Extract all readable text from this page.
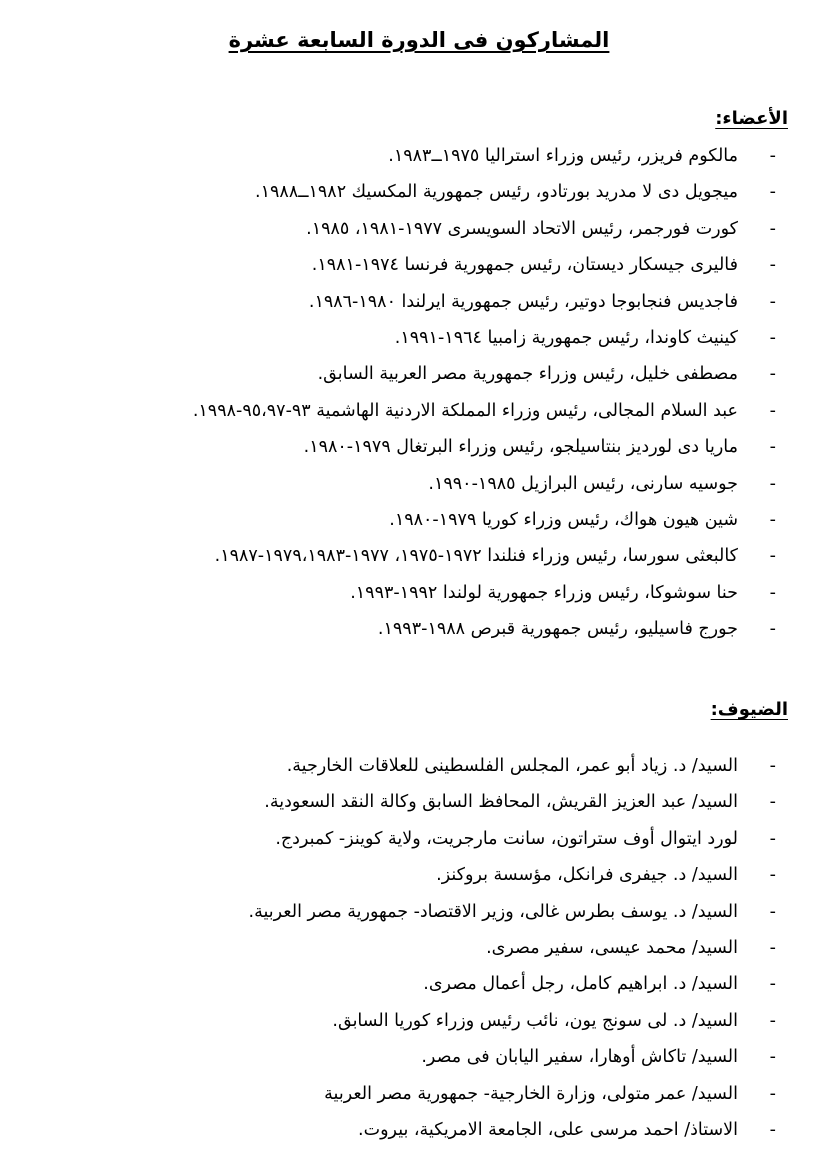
المشاركون فى الدورة السابعة عشرة
الأعضاء:
-
مالكوم فريزر، رئيس وزراء استراليا ١٩٧٥ــ١٩٨٣.
-
ميجويل دى لا مدريد بورتادو، رئيس جمهورية المكسيك ١٩٨٢ــ١٩٨٨.
-
كورت فورجمر، رئيس الاتحاد السويسرى ١٩٧٧-١٩٨١، ١٩٨٥.
-
فاليرى جيسكار ديستان، رئيس جمهورية فرنسا ١٩٧٤-١٩٨١.
-
فاجديس فنجابوجا دوتير، رئيس جمهورية ايرلندا ١٩٨٠-١٩٨٦.
-
كينيث كاوندا، رئيس جمهورية زامبيا ١٩٦٤-١٩٩١.
-
مصطفى خليل، رئيس وزراء جمهورية مصر العربية السابق.
-
عبد السلام المجالى، رئيس وزراء المملكة الاردنية الهاشمية ٩٣-٩٥،٩٧-١٩٩٨.
-
ماريا دى لورديز بنتاسيلجو، رئيس وزراء البرتغال ١٩٧٩-١٩٨٠.
-
جوسيه سارنى، رئيس البرازيل ١٩٨٥-١٩٩٠.
-
شين هيون هواك، رئيس وزراء كوريا ١٩٧٩-١٩٨٠.
-
كالبعثى سورسا، رئيس وزراء فنلندا ١٩٧٢-١٩٧٥، ١٩٧٧-١٩٧٩،١٩٨٣-١٩٨٧.
-
حنا سوشوكا، رئيس وزراء جمهورية لولندا ١٩٩٢-١٩٩٣.
-
جورج فاسيليو، رئيس جمهورية قبرص ١٩٨٨-١٩٩٣.
الضيوف:
-
السيد/ د. زياد أبو عمر، المجلس الفلسطينى للعلاقات الخارجية.
-
السيد/ عبد العزيز القريش، المحافظ السابق وكالة النقد السعودية.
-
لورد ايتوال أوف ستراتون، سانت مارجريت، ولاية كوينز- كمبردج.
-
السيد/ د. جيفرى فرانكل، مؤسسة بروكنز.
-
السيد/ د. يوسف بطرس غالى، وزير الاقتصاد- جمهورية مصر العربية.
-
السيد/ محمد عيسى، سفير مصرى.
-
السيد/ د. ابراهيم كامل، رجل أعمال مصرى.
-
السيد/ د. لى سونج يون، نائب رئيس وزراء كوريا السابق.
-
السيد/ تاكاش أوهارا، سفير اليابان فى مصر.
-
السيد/ عمر متولى، وزارة الخارجية- جمهورية مصر العربية
-
الاستاذ/ احمد مرسى على، الجامعة الامريكية، بيروت.
